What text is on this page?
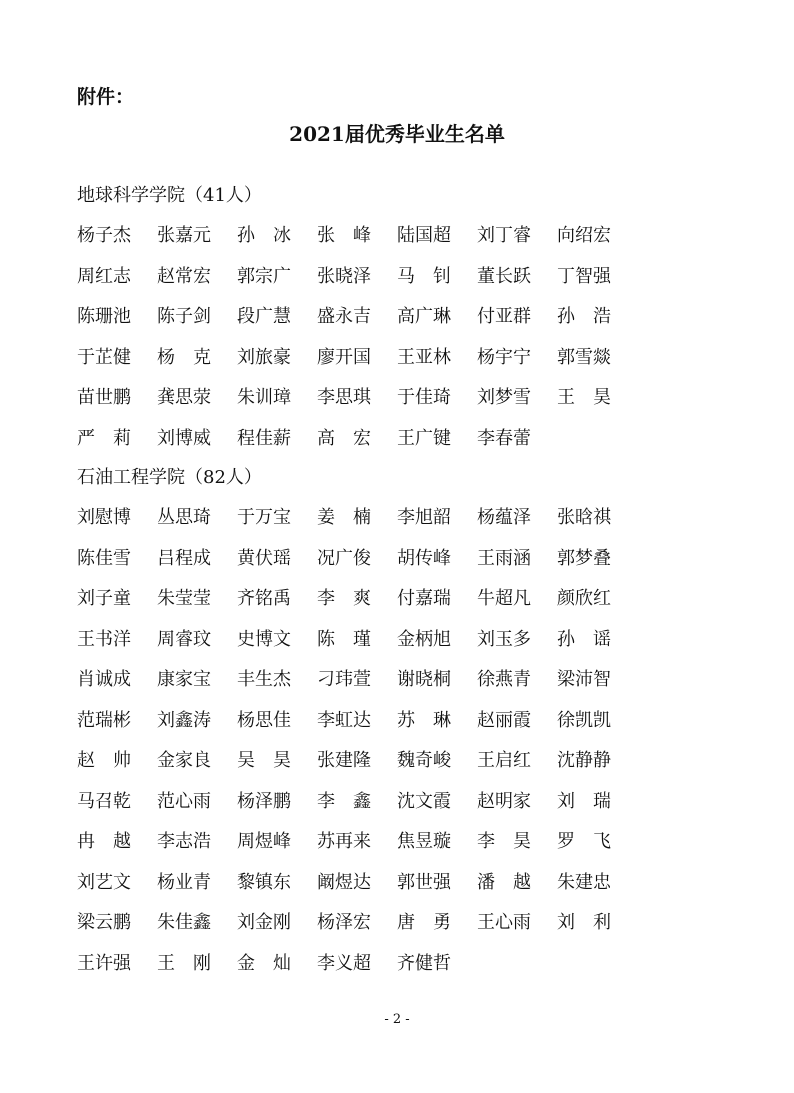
附件：
2021届优秀毕业生名单
地球科学学院（41人）
杨子杰 张嘉元 孙　冰 张　峰 陆国超 刘丁睿 向绍宏
周红志 赵常宏 郭宗广 张晓泽 马　钊 董长跃 丁智强
陈珊池 陈子剑 段广慧 盛永吉 高广琳 付亚群 孙　浩
于芷健 杨　克 刘旅豪 廖开国 王亚林 杨宇宁 郭雪燚
苗世鹏 龚思荥 朱训璋 李思琪 于佳琦 刘梦雪 王　昊
严　莉 刘博威 程佳薪 高　宏 王广键 李春蕾
石油工程学院（82人）
刘慰博 丛思琦 于万宝 姜　楠 李旭韶 杨蕴泽 张晗祺
陈佳雪 吕程成 黄伏瑶 况广俊 胡传峰 王雨涵 郭梦叠
刘子童 朱莹莹 齐铭禹 李　爽 付嘉瑞 牛超凡 颜欣红
王书洋 周睿玟 史博文 陈　瑾 金柄旭 刘玉多 孙　谣
肖诚成 康家宝 丰生杰 刁玮萱 谢晓桐 徐燕青 梁沛智
范瑞彬 刘鑫涛 杨思佳 李虹达 苏　琳 赵丽霞 徐凯凯
赵　帅 金家良 吴　昊 张建隆 魏奇峻 王启红 沈静静
马召乾 范心雨 杨泽鹏 李　鑫 沈文霞 赵明家 刘　瑞
冉　越 李志浩 周煜峰 苏再来 焦昱璇 李　昊 罗　飞
刘艺文 杨业青 黎镇东 阚煜达 郭世强 潘　越 朱建忠
梁云鹏 朱佳鑫 刘金刚 杨泽宏 唐　勇 王心雨 刘　利
王许强 王　刚 金　灿 李义超 齐健哲
- 2 -
